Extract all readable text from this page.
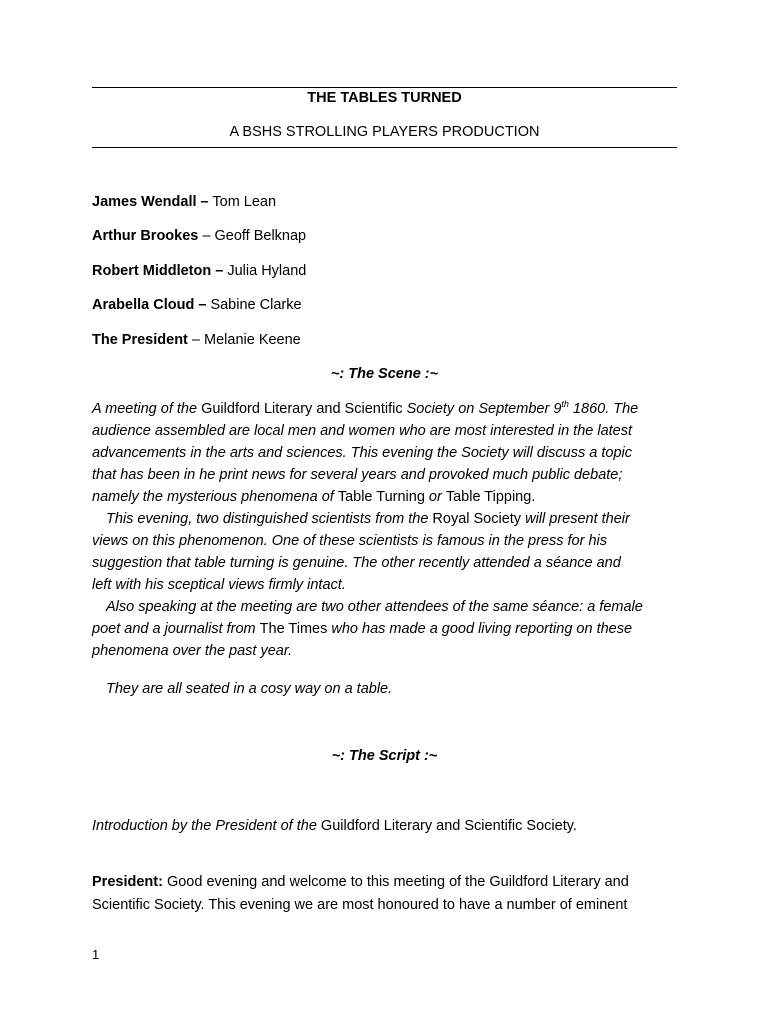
THE TABLES TURNED
A BSHS STROLLING PLAYERS PRODUCTION
James Wendall – Tom Lean
Arthur Brookes – Geoff Belknap
Robert Middleton – Julia Hyland
Arabella Cloud – Sabine Clarke
The President – Melanie Keene
~: The Scene :~

A meeting of the Guildford Literary and Scientific Society on September 9th 1860. The

audience assembled are local men and women who are most interested in the latest

advancements in the arts and sciences. This evening the Society will discuss a topic

that has been in he print news for several years and provoked much public debate;

namely the mysterious phenomena of Table Turning or Table Tipping.

This evening, two distinguished scientists from the Royal Society will present their

views on this phenomenon. One of these scientists is famous in the press for his

suggestion that table turning is genuine. The other recently attended a séance and

left with his sceptical views firmly intact.

Also speaking at the meeting are two other attendees of the same séance: a female

poet and a journalist from The Times who has made a good living reporting on these

phenomena over the past year.

They are all seated in a cosy way on a table.

~: The Script :~
Introduction by the President of the Guildford Literary and Scientific Society.
President: Good evening and welcome to this meeting of the Guildford Literary and
Scientific Society. This evening we are most honoured to have a number of eminent
1
